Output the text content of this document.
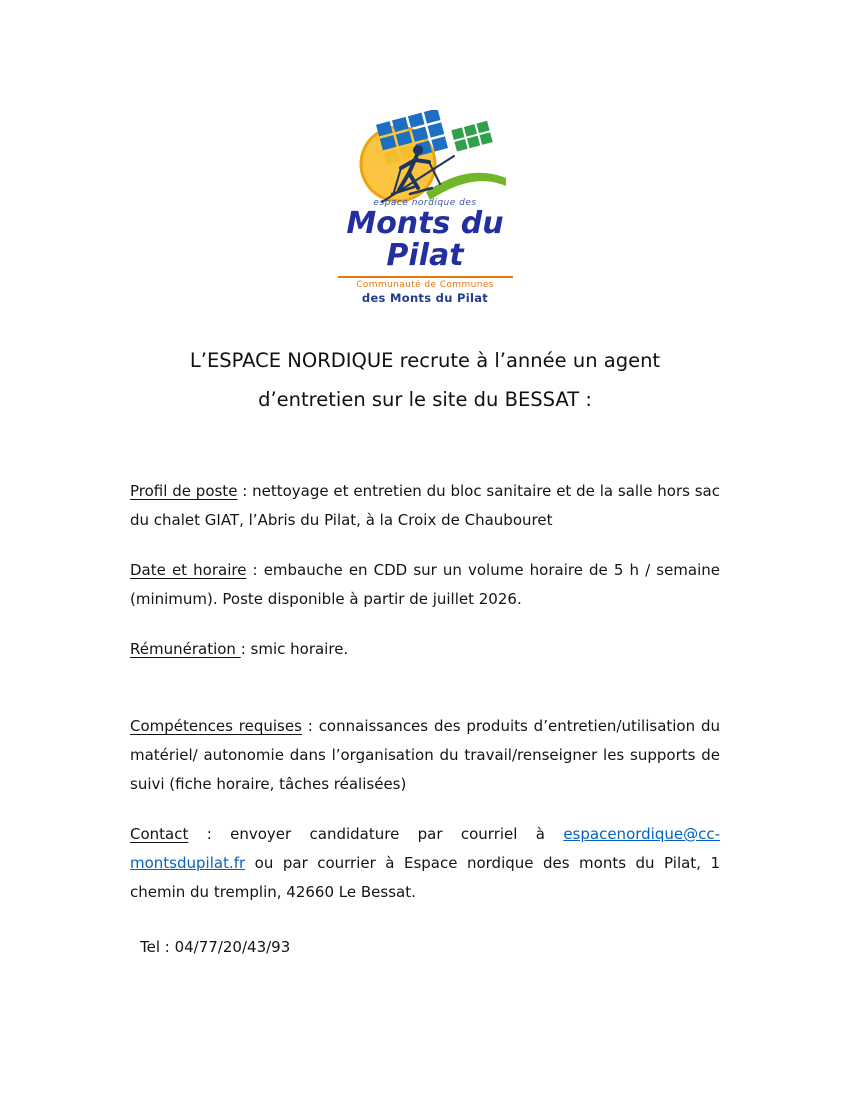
espace nordique des
Monts du Pilat
Communauté de Communes
des Monts du Pilat
L’ESPACE NORDIQUE recrute à l’année un agent
d’entretien sur le site du BESSAT :

Profil de poste : nettoyage et entretien du bloc sanitaire et de la salle hors sac du chalet GIAT, l’Abris du Pilat, à la Croix de Chaubouret

Date et horaire : embauche en CDD sur un volume horaire de 5 h / semaine (minimum). Poste disponible à partir de juillet 2026.

Rémunération : smic horaire.

Compétences requises : connaissances des produits d’entretien/utilisation du matériel/ autonomie dans l’organisation du travail/renseigner les supports de suivi (fiche horaire, tâches réalisées)

Contact : envoyer candidature par courriel à espacenordique@cc-montsdupilat.fr ou par courrier à Espace nordique des monts du Pilat, 1 chemin du tremplin, 42660 Le Bessat.

Tel : 04/77/20/43/93
